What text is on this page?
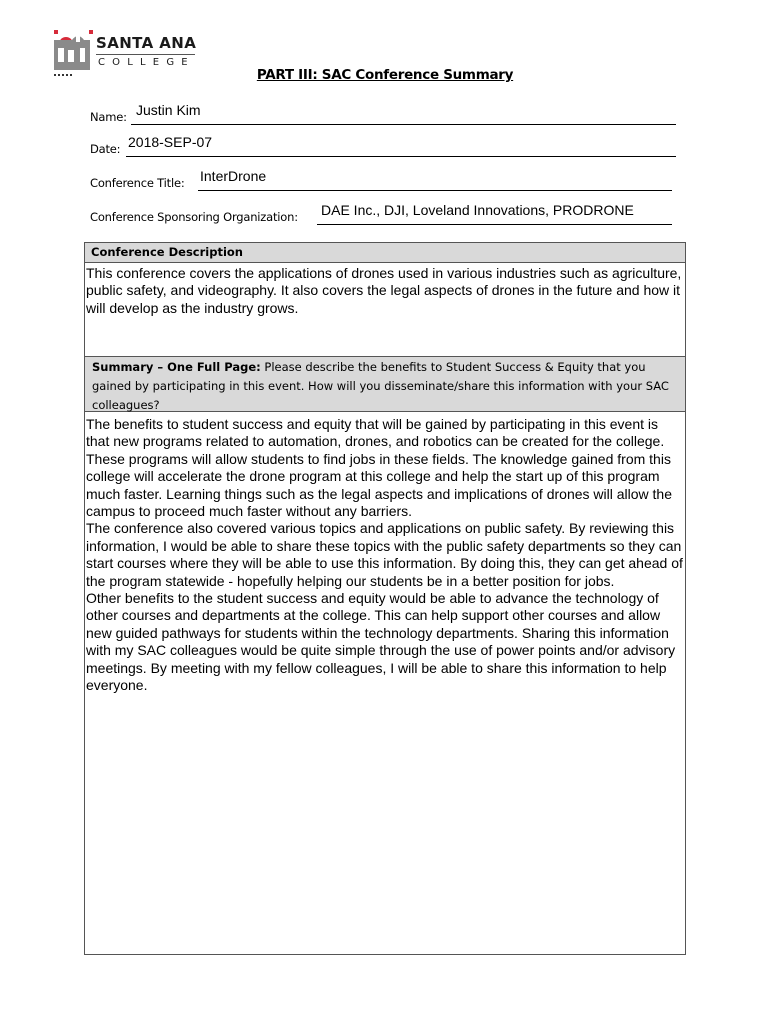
SANTA ANA
COLLEGE
PART III: SAC Conference Summary
Name: Justin Kim
Date: 2018-SEP-07
Conference Title: InterDrone
Conference Sponsoring Organization: DAE Inc., DJI, Loveland Innovations, PRODRONE
Conference Description
This conference covers the applications of drones used in various industries such as agriculture, public safety, and videography. It also covers the legal aspects of drones in the future and how it will develop as the industry grows.
Summary – One Full Page: Please describe the benefits to Student Success & Equity that you gained by participating in this event. How will you disseminate/share this information with your SAC colleagues?

The benefits to student success and equity that will be gained by participating in this event is that new programs related to automation, drones, and robotics can be created for the college. These programs will allow students to find jobs in these fields. The knowledge gained from this college will accelerate the drone program at this college and help the start up of this program much faster. Learning things such as the legal aspects and implications of drones will allow the campus to proceed much faster without any barriers.

The conference also covered various topics and applications on public safety. By reviewing this information, I would be able to share these topics with the public safety departments so they can start courses where they will be able to use this information. By doing this, they can get ahead of the program statewide - hopefully helping our students be in a better position for jobs.

Other benefits to the student success and equity would be able to advance the technology of other courses and departments at the college. This can help support other courses and allow new guided pathways for students within the technology departments. Sharing this information with my SAC colleagues would be quite simple through the use of power points and/or advisory meetings. By meeting with my fellow colleagues, I will be able to share this information to help everyone.
